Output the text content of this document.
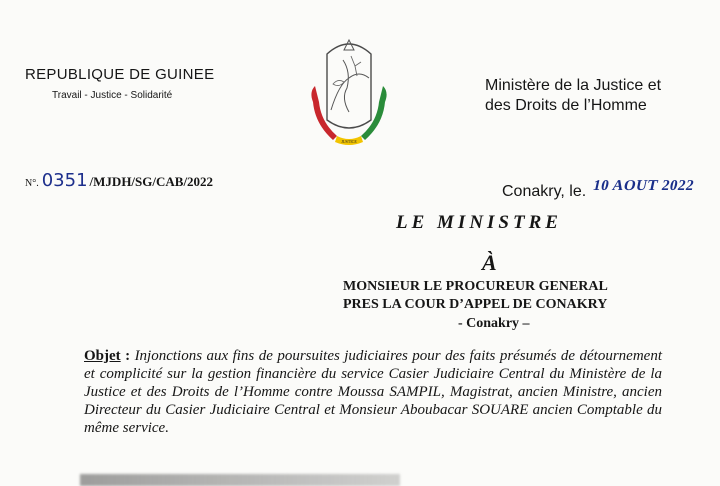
REPUBLIQUE DE GUINEE
Travail - Justice - Solidarité
JUSTICE
Ministère de la Justice et
des Droits de l’Homme
N°. 0351 /MJDH/SG/CAB/2022
Conakry, le. 10 AOUT 2022
LE MINISTRE
À
MONSIEUR LE PROCUREUR GENERAL
PRES LA COUR D’APPEL DE CONAKRY
- Conakry –
Objet : Injonctions aux fins de poursuites judiciaires pour des faits présumés de détournement et complicité sur la gestion financière du service Casier Judiciaire Central du Ministère de la Justice et des Droits de l’Homme contre Moussa SAMPIL, Magistrat, ancien Ministre, ancien Directeur du Casier Judiciaire Central et Monsieur Aboubacar SOUARE ancien Comptable du même service.
